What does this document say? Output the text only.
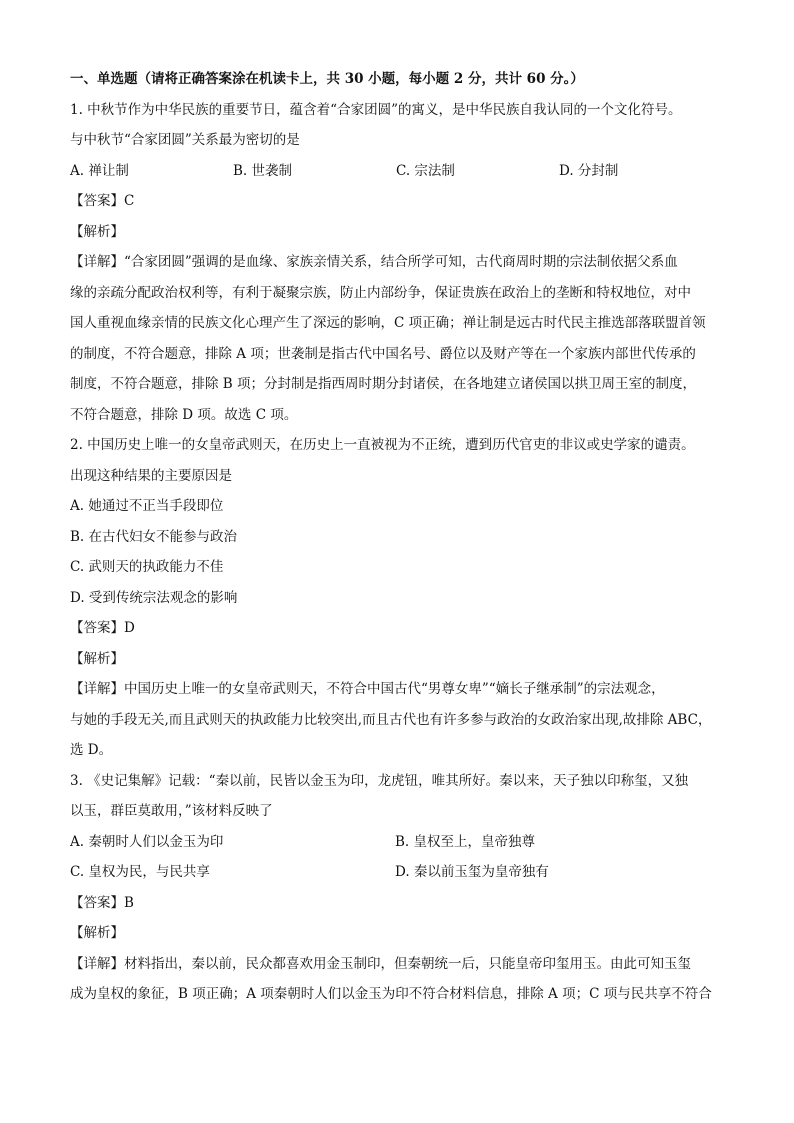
一、单选题（请将正确答案涂在机读卡上，共 30 小题，每小题 2 分，共计 60 分。）
1. 中秋节作为中华民族的重要节日，蕴含着“合家团圆”的寓义，是中华民族自我认同的一个文化符号。
与中秋节“合家团圆”关系最为密切的是
A. 禅让制	B. 世袭制	C. 宗法制	D. 分封制
【答案】C
【解析】
【详解】“合家团圆”强调的是血缘、家族亲情关系，结合所学可知，古代商周时期的宗法制依据父系血
缘的亲疏分配政治权利等，有利于凝聚宗族，防止内部纷争，保证贵族在政治上的垄断和特权地位，对中
国人重视血缘亲情的民族文化心理产生了深远的影响，C 项正确；禅让制是远古时代民主推选部落联盟首领
的制度，不符合题意，排除 A 项；世袭制是指古代中国名号、爵位以及财产等在一个家族内部世代传承的
制度，不符合题意，排除 B 项；分封制是指西周时期分封诸侯，在各地建立诸侯国以拱卫周王室的制度，
不符合题意，排除 D 项。故选 C 项。
2. 中国历史上唯一的女皇帝武则天，在历史上一直被视为不正统，遭到历代官吏的非议或史学家的谴责。
出现这种结果的主要原因是
A. 她通过不正当手段即位
B. 在古代妇女不能参与政治
C. 武则天的执政能力不佳
D. 受到传统宗法观念的影响
【答案】D
【解析】
【详解】中国历史上唯一的女皇帝武则天，不符合中国古代“男尊女卑”“嫡长子继承制”的宗法观念，
与她的手段无关,而且武则天的执政能力比较突出,而且古代也有许多参与政治的女政治家出现,故排除 ABC，
选 D。
3. 《史记集解》记载：“秦以前，民皆以金玉为印，龙虎钮，唯其所好。秦以来，天子独以印称玺，又独
以玉，群臣莫敢用，”该材料反映了
A. 秦朝时人们以金玉为印	B. 皇权至上，皇帝独尊
C. 皇权为民，与民共享	D. 秦以前玉玺为皇帝独有
【答案】B
【解析】
【详解】材料指出，秦以前，民众都喜欢用金玉制印，但秦朝统一后，只能皇帝印玺用玉。由此可知玉玺
成为皇权的象征，B 项正确；A 项秦朝时人们以金玉为印不符合材料信息，排除 A 项；C 项与民共享不符合
